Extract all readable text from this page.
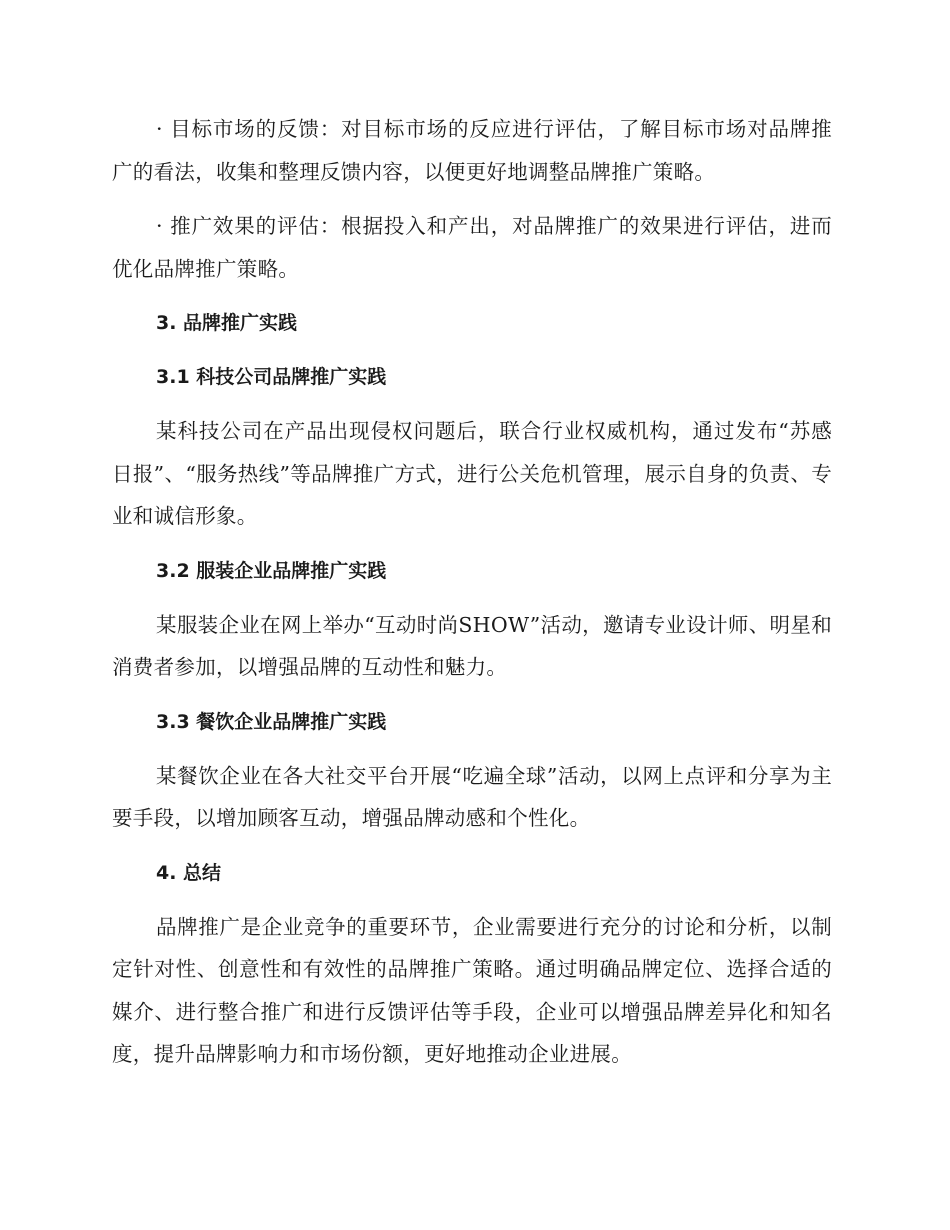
· 目标市场的反馈：对目标市场的反应进行评估，了解目标市场对品牌推广的看法，收集和整理反馈内容，以便更好地调整品牌推广策略。

· 推广效果的评估：根据投入和产出，对品牌推广的效果进行评估，进而优化品牌推广策略。

3. 品牌推广实践
3.1 科技公司品牌推广实践

某科技公司在产品出现侵权问题后，联合行业权威机构，通过发布“苏感日报”、“服务热线”等品牌推广方式，进行公关危机管理，展示自身的负责、专业和诚信形象。

3.2 服装企业品牌推广实践

某服装企业在网上举办“互动时尚SHOW”活动，邀请专业设计师、明星和消费者参加，以增强品牌的互动性和魅力。

3.3 餐饮企业品牌推广实践

某餐饮企业在各大社交平台开展“吃遍全球”活动，以网上点评和分享为主要手段，以增加顾客互动，增强品牌动感和个性化。

4. 总结

品牌推广是企业竞争的重要环节，企业需要进行充分的讨论和分析，以制定针对性、创意性和有效性的品牌推广策略。通过明确品牌定位、选择合适的媒介、进行整合推广和进行反馈评估等手段，企业可以增强品牌差异化和知名度，提升品牌影响力和市场份额，更好地推动企业进展。
